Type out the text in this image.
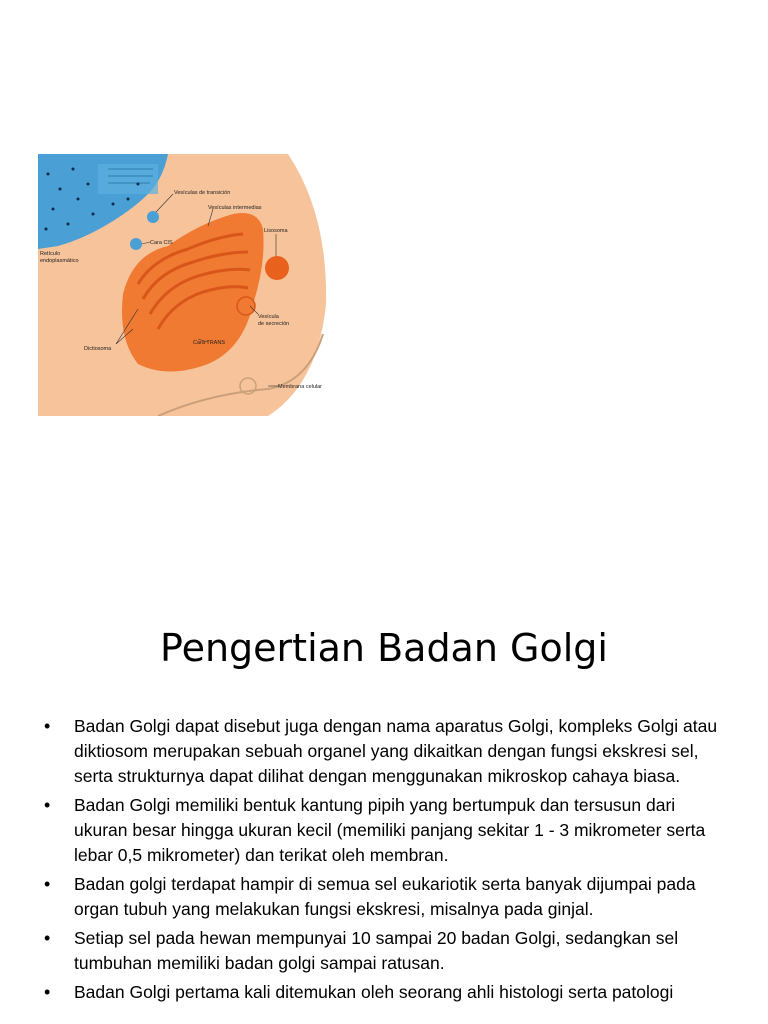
Vesículas de transición
Vesículas intermedias
Lisosoma
Cara CIS
Retículo
endoplasmático
Vesícula
de secreción
Dictiosoma
Cara TRANS
Membrana celular
Pengertian Badan Golgi
• Badan Golgi dapat disebut juga dengan nama aparatus Golgi, kompleks Golgi atau diktiosom merupakan sebuah organel yang dikaitkan dengan fungsi ekskresi sel, serta strukturnya dapat dilihat dengan menggunakan mikroskop cahaya biasa.
• Badan Golgi memiliki bentuk kantung pipih yang bertumpuk dan tersusun dari ukuran besar hingga ukuran kecil (memiliki panjang sekitar 1 - 3 mikrometer serta lebar 0,5 mikrometer) dan terikat oleh membran.
• Badan golgi terdapat hampir di semua sel eukariotik serta banyak dijumpai pada organ tubuh yang melakukan fungsi ekskresi, misalnya pada ginjal.
• Setiap sel pada hewan mempunyai 10 sampai 20 badan Golgi, sedangkan sel tumbuhan memiliki badan golgi sampai ratusan.
• Badan Golgi pertama kali ditemukan oleh seorang ahli histologi serta patologi
